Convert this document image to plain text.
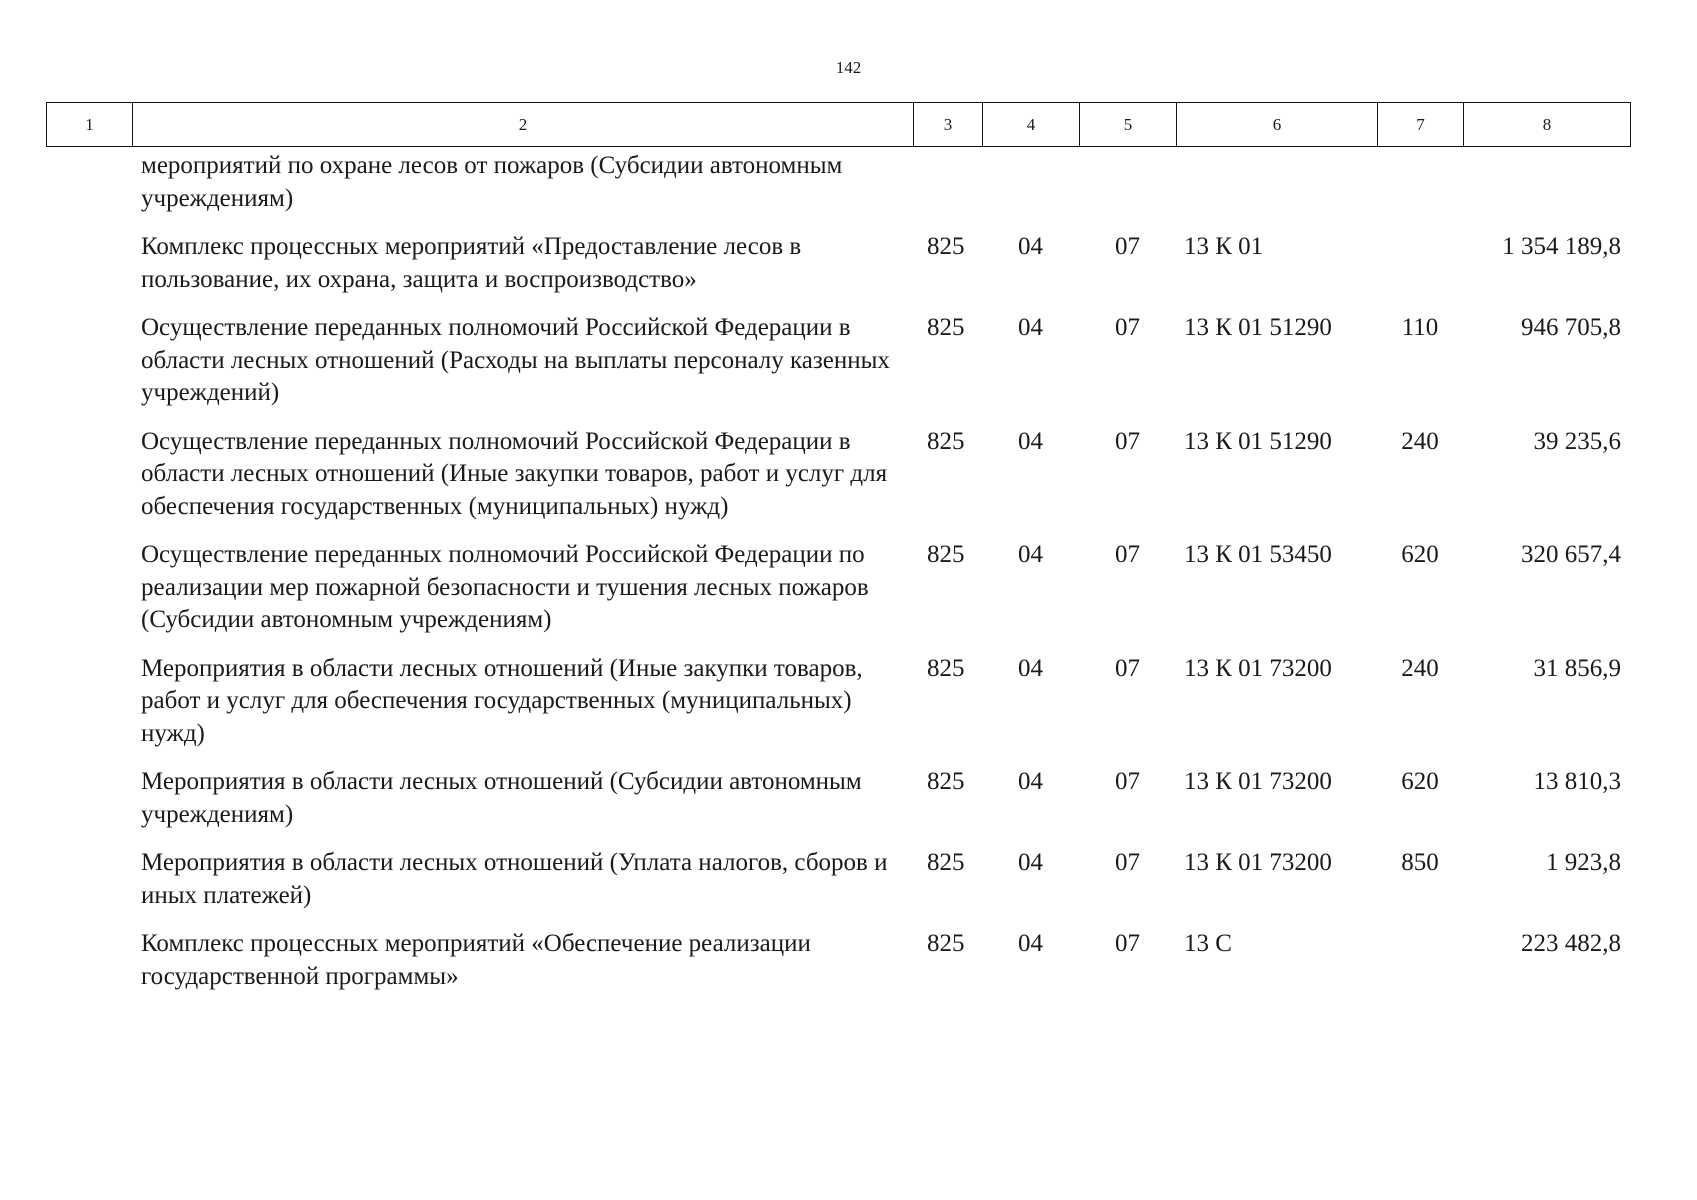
142
1	2	3	4	5	6	7	8
	мероприятий по охране лесов от пожаров (Субсидии автономным учреждениям)						
	Комплекс процессных мероприятий «Предоставление лесов в пользование, их охрана, защита и воспроизводство»	825	04	07	13 К 01		1 354 189,8
	Осуществление переданных полномочий Российской Федерации в области лесных отношений (Расходы на выплаты персоналу казенных учреждений)	825	04	07	13 К 01 51290	110	946 705,8
	Осуществление переданных полномочий Российской Федерации в области лесных отношений (Иные закупки товаров, работ и услуг для обеспечения государственных (муниципальных) нужд)	825	04	07	13 К 01 51290	240	39 235,6
	Осуществление переданных полномочий Российской Федерации по реализации мер пожарной безопасности и тушения лесных пожаров (Субсидии автономным учреждениям)	825	04	07	13 К 01 53450	620	320 657,4
	Мероприятия в области лесных отношений (Иные закупки товаров, работ и услуг для обеспечения государственных (муниципальных) нужд)	825	04	07	13 К 01 73200	240	31 856,9
	Мероприятия в области лесных отношений (Субсидии автономным учреждениям)	825	04	07	13 К 01 73200	620	13 810,3
	Мероприятия в области лесных отношений (Уплата налогов, сборов и иных платежей)	825	04	07	13 К 01 73200	850	1 923,8
	Комплекс процессных мероприятий «Обеспечение реализации государственной программы»	825	04	07	13 С		223 482,8
